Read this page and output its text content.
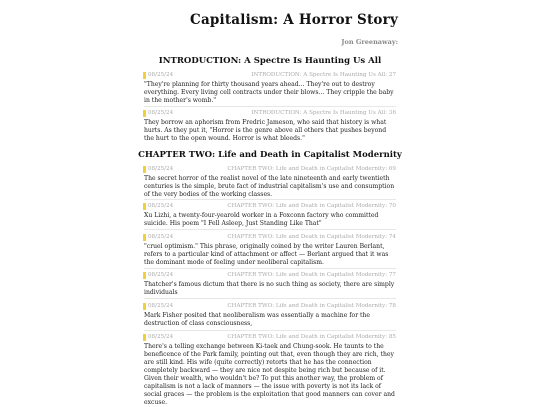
Capitalism: A Horror Story
Jon Greenaway:
INTRODUCTION: A Spectre Is Haunting Us All
08/25/24	INTRODUCTION: A Spectre Is Haunting Us All: 27
"They're planning for thirty thousand years ahead... They're out to destroy everything. Every living cell contracts under their blows... They cripple the baby in the mother's womb."
08/25/24	INTRODUCTION: A Spectre Is Haunting Us All: 36
They borrow an aphorism from Fredric Jameson, who said that history is what hurts. As they put it, "Horror is the genre above all others that pushes beyond the hurt to the open wound. Horror is what bleeds."
CHAPTER TWO: Life and Death in Capitalist Modernity
08/25/24	CHAPTER TWO: Life and Death in Capitalist Modernity: 69
The secret horror of the realist novel of the late nineteenth and early twentieth centuries is the simple, brute fact of industrial capitalism's use and consumption of the very bodies of the working classes.
08/25/24	CHAPTER TWO: Life and Death in Capitalist Modernity: 70
Xu Lizhi, a twenty-four-yearold worker in a Foxconn factory who committed suicide. His poem "I Fell Asleep, Just Standing Like That"
08/25/24	CHAPTER TWO: Life and Death in Capitalist Modernity: 74
"cruel optimism." This phrase, originally coined by the writer Lauren Berlant, refers to a particular kind of attachment or affect — Berlant argued that it was the dominant mode of feeling under neoliberal capitalism.
08/25/24	CHAPTER TWO: Life and Death in Capitalist Modernity: 77
Thatcher's famous dictum that there is no such thing as society, there are simply individuals
08/25/24	CHAPTER TWO: Life and Death in Capitalist Modernity: 78
Mark Fisher posited that neoliberalism was essentially a machine for the destruction of class consciousness,
08/25/24	CHAPTER TWO: Life and Death in Capitalist Modernity: 85
There's a telling exchange between Ki-taek and Chung-sook. He taunts to the beneficence of the Park family, pointing out that, even though they are rich, they are still kind. His wife (quite correctly) retorts that he has the connection completely backward — they are nice not despite being rich but because of it. Given their wealth, who wouldn't be? To put this another way, the problem of capitalism is not a lack of manners — the issue with poverty is not its lack of social graces — the problem is the exploitation that good manners can cover and excuse.
